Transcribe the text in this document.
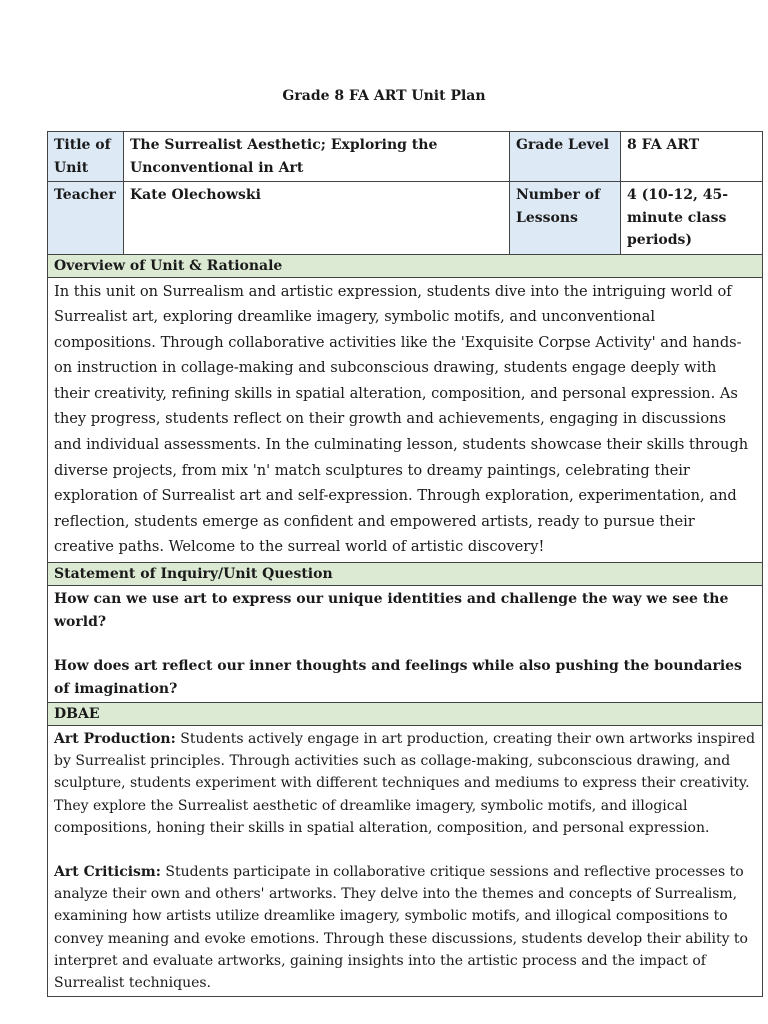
Grade 8 FA ART Unit Plan
Title of Unit	The Surrealist Aesthetic; Exploring the Unconventional in Art	Grade Level	8 FA ART
Teacher	Kate Olechowski	Number of Lessons	4 (10-12, 45-minute class periods)
Overview of Unit & Rationale			
In this unit on Surrealism and artistic expression, students dive into the intriguing world of Surrealist art, exploring dreamlike imagery, symbolic motifs, and unconventional compositions. Through collaborative activities like the 'Exquisite Corpse Activity' and hands-on instruction in collage-making and subconscious drawing, students engage deeply with their creativity, refining skills in spatial alteration, composition, and personal expression. As they progress, students reflect on their growth and achievements, engaging in discussions and individual assessments. In the culminating lesson, students showcase their skills through diverse projects, from mix 'n' match sculptures to dreamy paintings, celebrating their exploration of Surrealist art and self-expression. Through exploration, experimentation, and reflection, students emerge as confident and empowered artists, ready to pursue their creative paths. Welcome to the surreal world of artistic discovery!			
Statement of Inquiry/Unit Question			

How can we use art to express our unique identities and challenge the way we see the world?

How does art reflect our inner thoughts and feelings while also pushing the boundaries of imagination?			

DBAE			

Art Production: Students actively engage in art production, creating their own artworks inspired by Surrealist principles. Through activities such as collage-making, subconscious drawing, and sculpture, students experiment with different techniques and mediums to express their creativity. They explore the Surrealist aesthetic of dreamlike imagery, symbolic motifs, and illogical compositions, honing their skills in spatial alteration, composition, and personal expression.

Art Criticism: Students participate in collaborative critique sessions and reflective processes to analyze their own and others' artworks. They delve into the themes and concepts of Surrealism, examining how artists utilize dreamlike imagery, symbolic motifs, and illogical compositions to convey meaning and evoke emotions. Through these discussions, students develop their ability to interpret and evaluate artworks, gaining insights into the artistic process and the impact of Surrealist techniques.			
